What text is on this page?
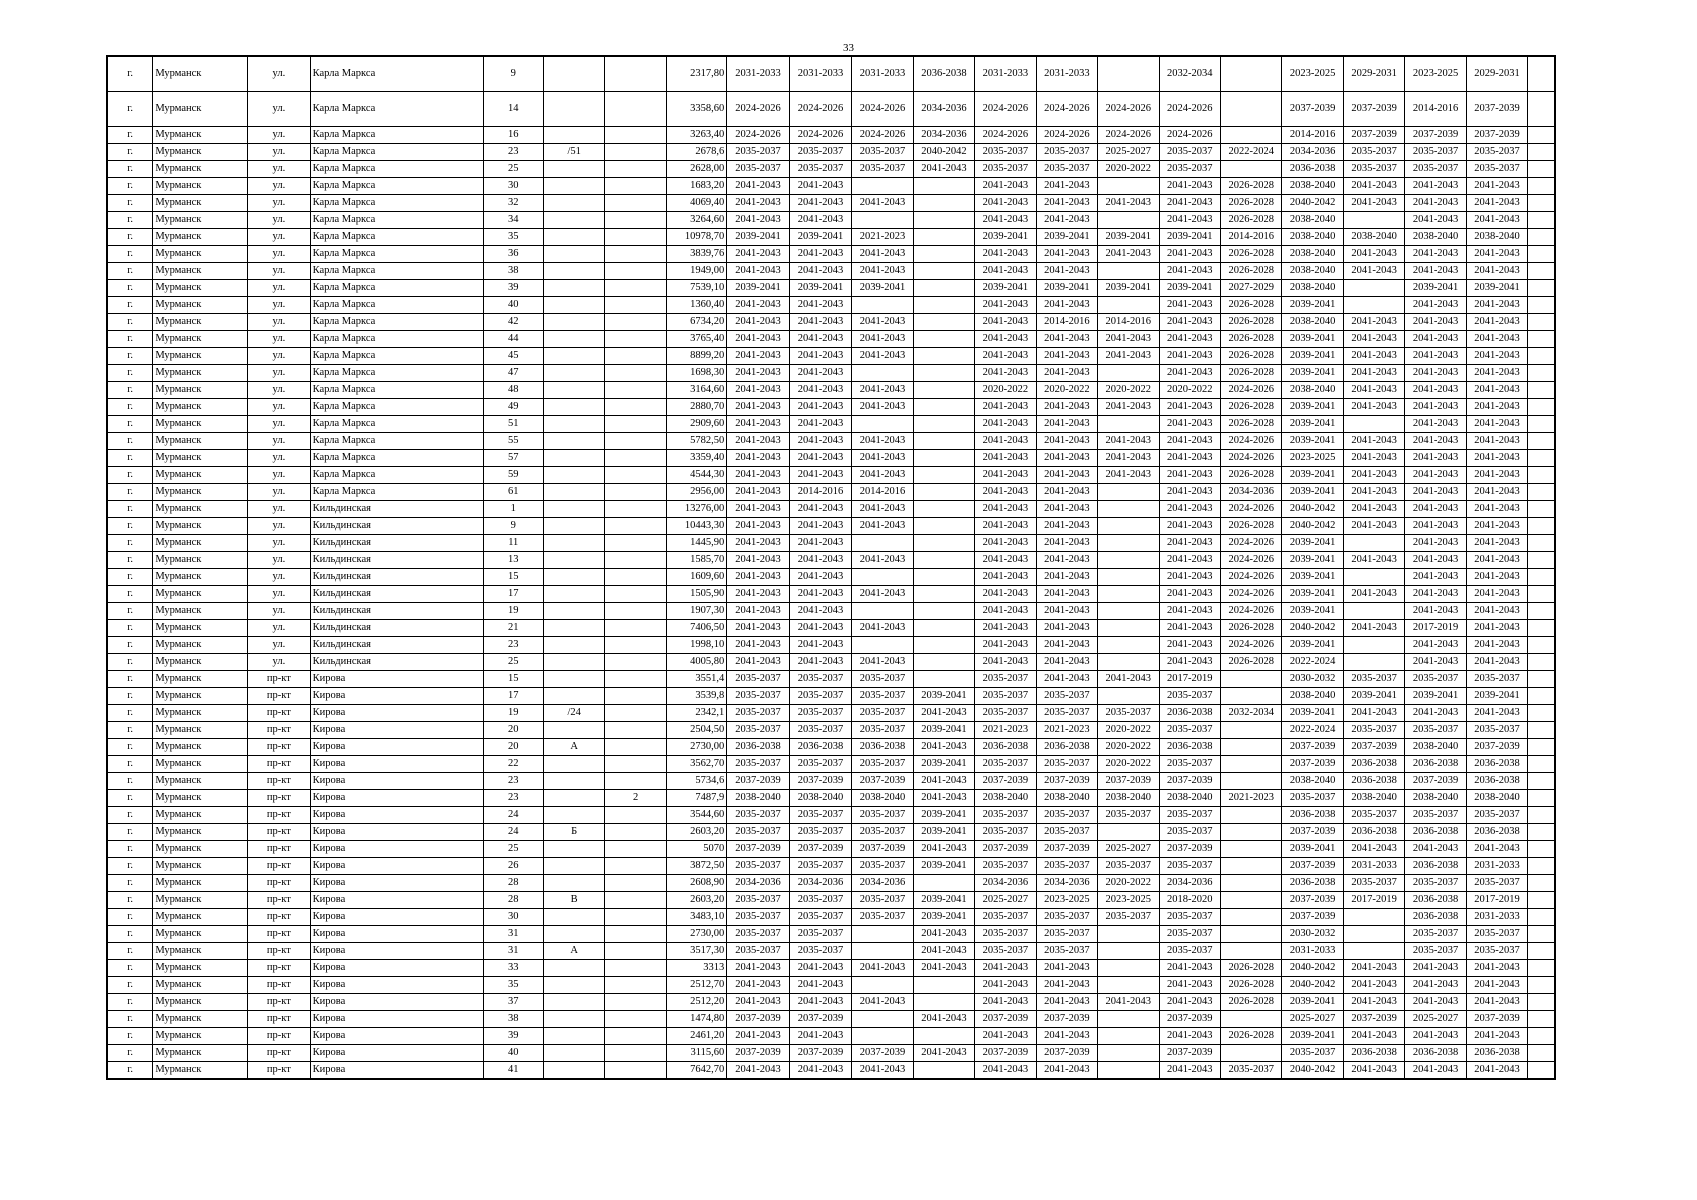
33
г.	Мурманск	ул.	Карла Маркса	9			2317,80	2031-2033	2031-2033	2031-2033	2036-2038	2031-2033	2031-2033		2032-2034		2023-2025	2029-2031	2023-2025	2029-2031	
г.	Мурманск	ул.	Карла Маркса	14			3358,60	2024-2026	2024-2026	2024-2026	2034-2036	2024-2026	2024-2026	2024-2026	2024-2026		2037-2039	2037-2039	2014-2016	2037-2039	
г.	Мурманск	ул.	Карла Маркса	16			3263,40	2024-2026	2024-2026	2024-2026	2034-2036	2024-2026	2024-2026	2024-2026	2024-2026		2014-2016	2037-2039	2037-2039	2037-2039	
г.	Мурманск	ул.	Карла Маркса	23	/51		2678,6	2035-2037	2035-2037	2035-2037	2040-2042	2035-2037	2035-2037	2025-2027	2035-2037	2022-2024	2034-2036	2035-2037	2035-2037	2035-2037	
г.	Мурманск	ул.	Карла Маркса	25			2628,00	2035-2037	2035-2037	2035-2037	2041-2043	2035-2037	2035-2037	2020-2022	2035-2037		2036-2038	2035-2037	2035-2037	2035-2037	
г.	Мурманск	ул.	Карла Маркса	30			1683,20	2041-2043	2041-2043			2041-2043	2041-2043		2041-2043	2026-2028	2038-2040	2041-2043	2041-2043	2041-2043	
г.	Мурманск	ул.	Карла Маркса	32			4069,40	2041-2043	2041-2043	2041-2043		2041-2043	2041-2043	2041-2043	2041-2043	2026-2028	2040-2042	2041-2043	2041-2043	2041-2043	
г.	Мурманск	ул.	Карла Маркса	34			3264,60	2041-2043	2041-2043			2041-2043	2041-2043		2041-2043	2026-2028	2038-2040		2041-2043	2041-2043	
г.	Мурманск	ул.	Карла Маркса	35			10978,70	2039-2041	2039-2041	2021-2023		2039-2041	2039-2041	2039-2041	2039-2041	2014-2016	2038-2040	2038-2040	2038-2040	2038-2040	
г.	Мурманск	ул.	Карла Маркса	36			3839,76	2041-2043	2041-2043	2041-2043		2041-2043	2041-2043	2041-2043	2041-2043	2026-2028	2038-2040	2041-2043	2041-2043	2041-2043	
г.	Мурманск	ул.	Карла Маркса	38			1949,00	2041-2043	2041-2043	2041-2043		2041-2043	2041-2043		2041-2043	2026-2028	2038-2040	2041-2043	2041-2043	2041-2043	
г.	Мурманск	ул.	Карла Маркса	39			7539,10	2039-2041	2039-2041	2039-2041		2039-2041	2039-2041	2039-2041	2039-2041	2027-2029	2038-2040		2039-2041	2039-2041	
г.	Мурманск	ул.	Карла Маркса	40			1360,40	2041-2043	2041-2043			2041-2043	2041-2043		2041-2043	2026-2028	2039-2041		2041-2043	2041-2043	
г.	Мурманск	ул.	Карла Маркса	42			6734,20	2041-2043	2041-2043	2041-2043		2041-2043	2014-2016	2014-2016	2041-2043	2026-2028	2038-2040	2041-2043	2041-2043	2041-2043	
г.	Мурманск	ул.	Карла Маркса	44			3765,40	2041-2043	2041-2043	2041-2043		2041-2043	2041-2043	2041-2043	2041-2043	2026-2028	2039-2041	2041-2043	2041-2043	2041-2043	
г.	Мурманск	ул.	Карла Маркса	45			8899,20	2041-2043	2041-2043	2041-2043		2041-2043	2041-2043	2041-2043	2041-2043	2026-2028	2039-2041	2041-2043	2041-2043	2041-2043	
г.	Мурманск	ул.	Карла Маркса	47			1698,30	2041-2043	2041-2043			2041-2043	2041-2043		2041-2043	2026-2028	2039-2041	2041-2043	2041-2043	2041-2043	
г.	Мурманск	ул.	Карла Маркса	48			3164,60	2041-2043	2041-2043	2041-2043		2020-2022	2020-2022	2020-2022	2020-2022	2024-2026	2038-2040	2041-2043	2041-2043	2041-2043	
г.	Мурманск	ул.	Карла Маркса	49			2880,70	2041-2043	2041-2043	2041-2043		2041-2043	2041-2043	2041-2043	2041-2043	2026-2028	2039-2041	2041-2043	2041-2043	2041-2043	
г.	Мурманск	ул.	Карла Маркса	51			2909,60	2041-2043	2041-2043			2041-2043	2041-2043		2041-2043	2026-2028	2039-2041		2041-2043	2041-2043	
г.	Мурманск	ул.	Карла Маркса	55			5782,50	2041-2043	2041-2043	2041-2043		2041-2043	2041-2043	2041-2043	2041-2043	2024-2026	2039-2041	2041-2043	2041-2043	2041-2043	
г.	Мурманск	ул.	Карла Маркса	57			3359,40	2041-2043	2041-2043	2041-2043		2041-2043	2041-2043	2041-2043	2041-2043	2024-2026	2023-2025	2041-2043	2041-2043	2041-2043	
г.	Мурманск	ул.	Карла Маркса	59			4544,30	2041-2043	2041-2043	2041-2043		2041-2043	2041-2043	2041-2043	2041-2043	2026-2028	2039-2041	2041-2043	2041-2043	2041-2043	
г.	Мурманск	ул.	Карла Маркса	61			2956,00	2041-2043	2014-2016	2014-2016		2041-2043	2041-2043		2041-2043	2034-2036	2039-2041	2041-2043	2041-2043	2041-2043	
г.	Мурманск	ул.	Кильдинская	1			13276,00	2041-2043	2041-2043	2041-2043		2041-2043	2041-2043		2041-2043	2024-2026	2040-2042	2041-2043	2041-2043	2041-2043	
г.	Мурманск	ул.	Кильдинская	9			10443,30	2041-2043	2041-2043	2041-2043		2041-2043	2041-2043		2041-2043	2026-2028	2040-2042	2041-2043	2041-2043	2041-2043	
г.	Мурманск	ул.	Кильдинская	11			1445,90	2041-2043	2041-2043			2041-2043	2041-2043		2041-2043	2024-2026	2039-2041		2041-2043	2041-2043	
г.	Мурманск	ул.	Кильдинская	13			1585,70	2041-2043	2041-2043	2041-2043		2041-2043	2041-2043		2041-2043	2024-2026	2039-2041	2041-2043	2041-2043	2041-2043	
г.	Мурманск	ул.	Кильдинская	15			1609,60	2041-2043	2041-2043			2041-2043	2041-2043		2041-2043	2024-2026	2039-2041		2041-2043	2041-2043	
г.	Мурманск	ул.	Кильдинская	17			1505,90	2041-2043	2041-2043	2041-2043		2041-2043	2041-2043		2041-2043	2024-2026	2039-2041	2041-2043	2041-2043	2041-2043	
г.	Мурманск	ул.	Кильдинская	19			1907,30	2041-2043	2041-2043			2041-2043	2041-2043		2041-2043	2024-2026	2039-2041		2041-2043	2041-2043	
г.	Мурманск	ул.	Кильдинская	21			7406,50	2041-2043	2041-2043	2041-2043		2041-2043	2041-2043		2041-2043	2026-2028	2040-2042	2041-2043	2017-2019	2041-2043	
г.	Мурманск	ул.	Кильдинская	23			1998,10	2041-2043	2041-2043			2041-2043	2041-2043		2041-2043	2024-2026	2039-2041		2041-2043	2041-2043	
г.	Мурманск	ул.	Кильдинская	25			4005,80	2041-2043	2041-2043	2041-2043		2041-2043	2041-2043		2041-2043	2026-2028	2022-2024		2041-2043	2041-2043	
г.	Мурманск	пр-кт	Кирова	15			3551,4	2035-2037	2035-2037	2035-2037		2035-2037	2041-2043	2041-2043	2017-2019		2030-2032	2035-2037	2035-2037	2035-2037	
г.	Мурманск	пр-кт	Кирова	17			3539,8	2035-2037	2035-2037	2035-2037	2039-2041	2035-2037	2035-2037		2035-2037		2038-2040	2039-2041	2039-2041	2039-2041	
г.	Мурманск	пр-кт	Кирова	19	/24		2342,1	2035-2037	2035-2037	2035-2037	2041-2043	2035-2037	2035-2037	2035-2037	2036-2038	2032-2034	2039-2041	2041-2043	2041-2043	2041-2043	
г.	Мурманск	пр-кт	Кирова	20			2504,50	2035-2037	2035-2037	2035-2037	2039-2041	2021-2023	2021-2023	2020-2022	2035-2037		2022-2024	2035-2037	2035-2037	2035-2037	
г.	Мурманск	пр-кт	Кирова	20	А		2730,00	2036-2038	2036-2038	2036-2038	2041-2043	2036-2038	2036-2038	2020-2022	2036-2038		2037-2039	2037-2039	2038-2040	2037-2039	
г.	Мурманск	пр-кт	Кирова	22			3562,70	2035-2037	2035-2037	2035-2037	2039-2041	2035-2037	2035-2037	2020-2022	2035-2037		2037-2039	2036-2038	2036-2038	2036-2038	
г.	Мурманск	пр-кт	Кирова	23			5734,6	2037-2039	2037-2039	2037-2039	2041-2043	2037-2039	2037-2039	2037-2039	2037-2039		2038-2040	2036-2038	2037-2039	2036-2038	
г.	Мурманск	пр-кт	Кирова	23		2	7487,9	2038-2040	2038-2040	2038-2040	2041-2043	2038-2040	2038-2040	2038-2040	2038-2040	2021-2023	2035-2037	2038-2040	2038-2040	2038-2040	
г.	Мурманск	пр-кт	Кирова	24			3544,60	2035-2037	2035-2037	2035-2037	2039-2041	2035-2037	2035-2037	2035-2037	2035-2037		2036-2038	2035-2037	2035-2037	2035-2037	
г.	Мурманск	пр-кт	Кирова	24	Б		2603,20	2035-2037	2035-2037	2035-2037	2039-2041	2035-2037	2035-2037		2035-2037		2037-2039	2036-2038	2036-2038	2036-2038	
г.	Мурманск	пр-кт	Кирова	25			5070	2037-2039	2037-2039	2037-2039	2041-2043	2037-2039	2037-2039	2025-2027	2037-2039		2039-2041	2041-2043	2041-2043	2041-2043	
г.	Мурманск	пр-кт	Кирова	26			3872,50	2035-2037	2035-2037	2035-2037	2039-2041	2035-2037	2035-2037	2035-2037	2035-2037		2037-2039	2031-2033	2036-2038	2031-2033	
г.	Мурманск	пр-кт	Кирова	28			2608,90	2034-2036	2034-2036	2034-2036		2034-2036	2034-2036	2020-2022	2034-2036		2036-2038	2035-2037	2035-2037	2035-2037	
г.	Мурманск	пр-кт	Кирова	28	В		2603,20	2035-2037	2035-2037	2035-2037	2039-2041	2025-2027	2023-2025	2023-2025	2018-2020		2037-2039	2017-2019	2036-2038	2017-2019	
г.	Мурманск	пр-кт	Кирова	30			3483,10	2035-2037	2035-2037	2035-2037	2039-2041	2035-2037	2035-2037	2035-2037	2035-2037		2037-2039		2036-2038	2031-2033	
г.	Мурманск	пр-кт	Кирова	31			2730,00	2035-2037	2035-2037		2041-2043	2035-2037	2035-2037		2035-2037		2030-2032		2035-2037	2035-2037	
г.	Мурманск	пр-кт	Кирова	31	А		3517,30	2035-2037	2035-2037		2041-2043	2035-2037	2035-2037		2035-2037		2031-2033		2035-2037	2035-2037	
г.	Мурманск	пр-кт	Кирова	33			3313	2041-2043	2041-2043	2041-2043	2041-2043	2041-2043	2041-2043		2041-2043	2026-2028	2040-2042	2041-2043	2041-2043	2041-2043	
г.	Мурманск	пр-кт	Кирова	35			2512,70	2041-2043	2041-2043			2041-2043	2041-2043		2041-2043	2026-2028	2040-2042	2041-2043	2041-2043	2041-2043	
г.	Мурманск	пр-кт	Кирова	37			2512,20	2041-2043	2041-2043	2041-2043		2041-2043	2041-2043	2041-2043	2041-2043	2026-2028	2039-2041	2041-2043	2041-2043	2041-2043	
г.	Мурманск	пр-кт	Кирова	38			1474,80	2037-2039	2037-2039		2041-2043	2037-2039	2037-2039		2037-2039		2025-2027	2037-2039	2025-2027	2037-2039	
г.	Мурманск	пр-кт	Кирова	39			2461,20	2041-2043	2041-2043			2041-2043	2041-2043		2041-2043	2026-2028	2039-2041	2041-2043	2041-2043	2041-2043	
г.	Мурманск	пр-кт	Кирова	40			3115,60	2037-2039	2037-2039	2037-2039	2041-2043	2037-2039	2037-2039		2037-2039		2035-2037	2036-2038	2036-2038	2036-2038	
г.	Мурманск	пр-кт	Кирова	41			7642,70	2041-2043	2041-2043	2041-2043		2041-2043	2041-2043		2041-2043	2035-2037	2040-2042	2041-2043	2041-2043	2041-2043	
